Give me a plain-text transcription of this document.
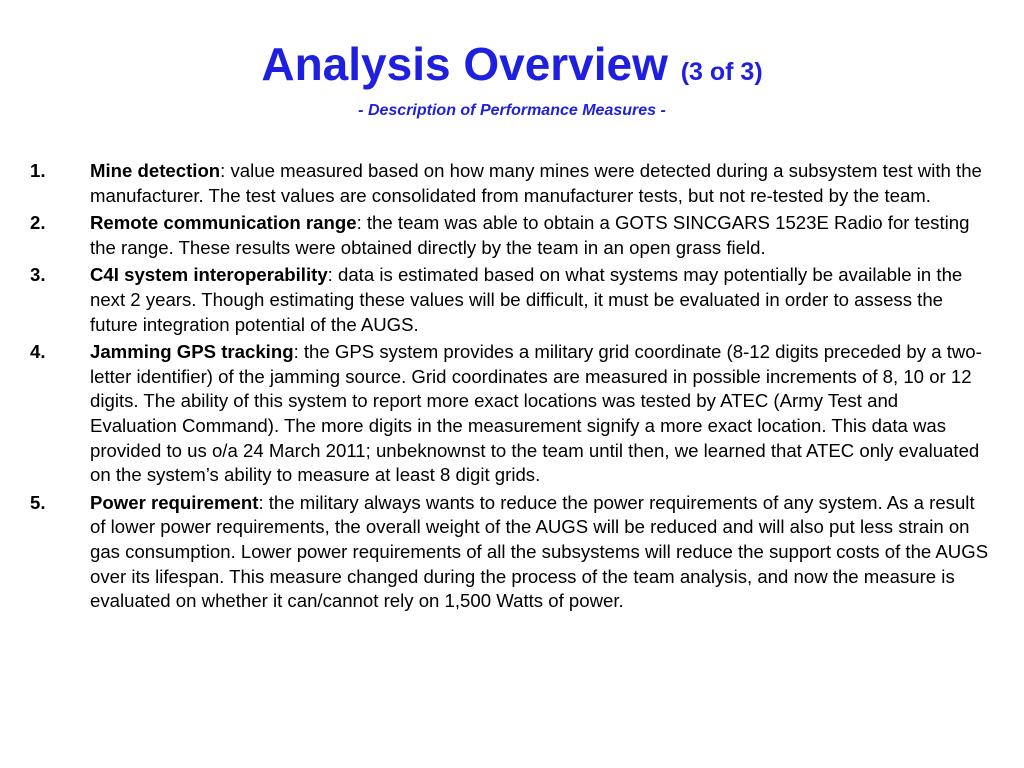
Analysis Overview (3 of 3)

- Description of Performance Measures -

1. Mine detection: value measured based on how many mines were detected during a subsystem test with the manufacturer. The test values are consolidated from manufacturer tests, but not re-tested by the team.
2. Remote communication range: the team was able to obtain a GOTS SINCGARS 1523E Radio for testing the range. These results were obtained directly by the team in an open grass field.
3. C4I system interoperability: data is estimated based on what systems may potentially be available in the next 2 years. Though estimating these values will be difficult, it must be evaluated in order to assess the future integration potential of the AUGS.
4. Jamming GPS tracking: the GPS system provides a military grid coordinate (8-12 digits preceded by a two-letter identifier) of the jamming source. Grid coordinates are measured in possible increments of 8, 10 or 12 digits. The ability of this system to report more exact locations was tested by ATEC (Army Test and Evaluation Command). The more digits in the measurement signify a more exact location. This data was provided to us o/a 24 March 2011; unbeknownst to the team until then, we learned that ATEC only evaluated on the system’s ability to measure at least 8 digit grids.
5. Power requirement: the military always wants to reduce the power requirements of any system. As a result of lower power requirements, the overall weight of the AUGS will be reduced and will also put less strain on gas consumption. Lower power requirements of all the subsystems will reduce the support costs of the AUGS over its lifespan. This measure changed during the process of the team analysis, and now the measure is evaluated on whether it can/cannot rely on 1,500 Watts of power.
